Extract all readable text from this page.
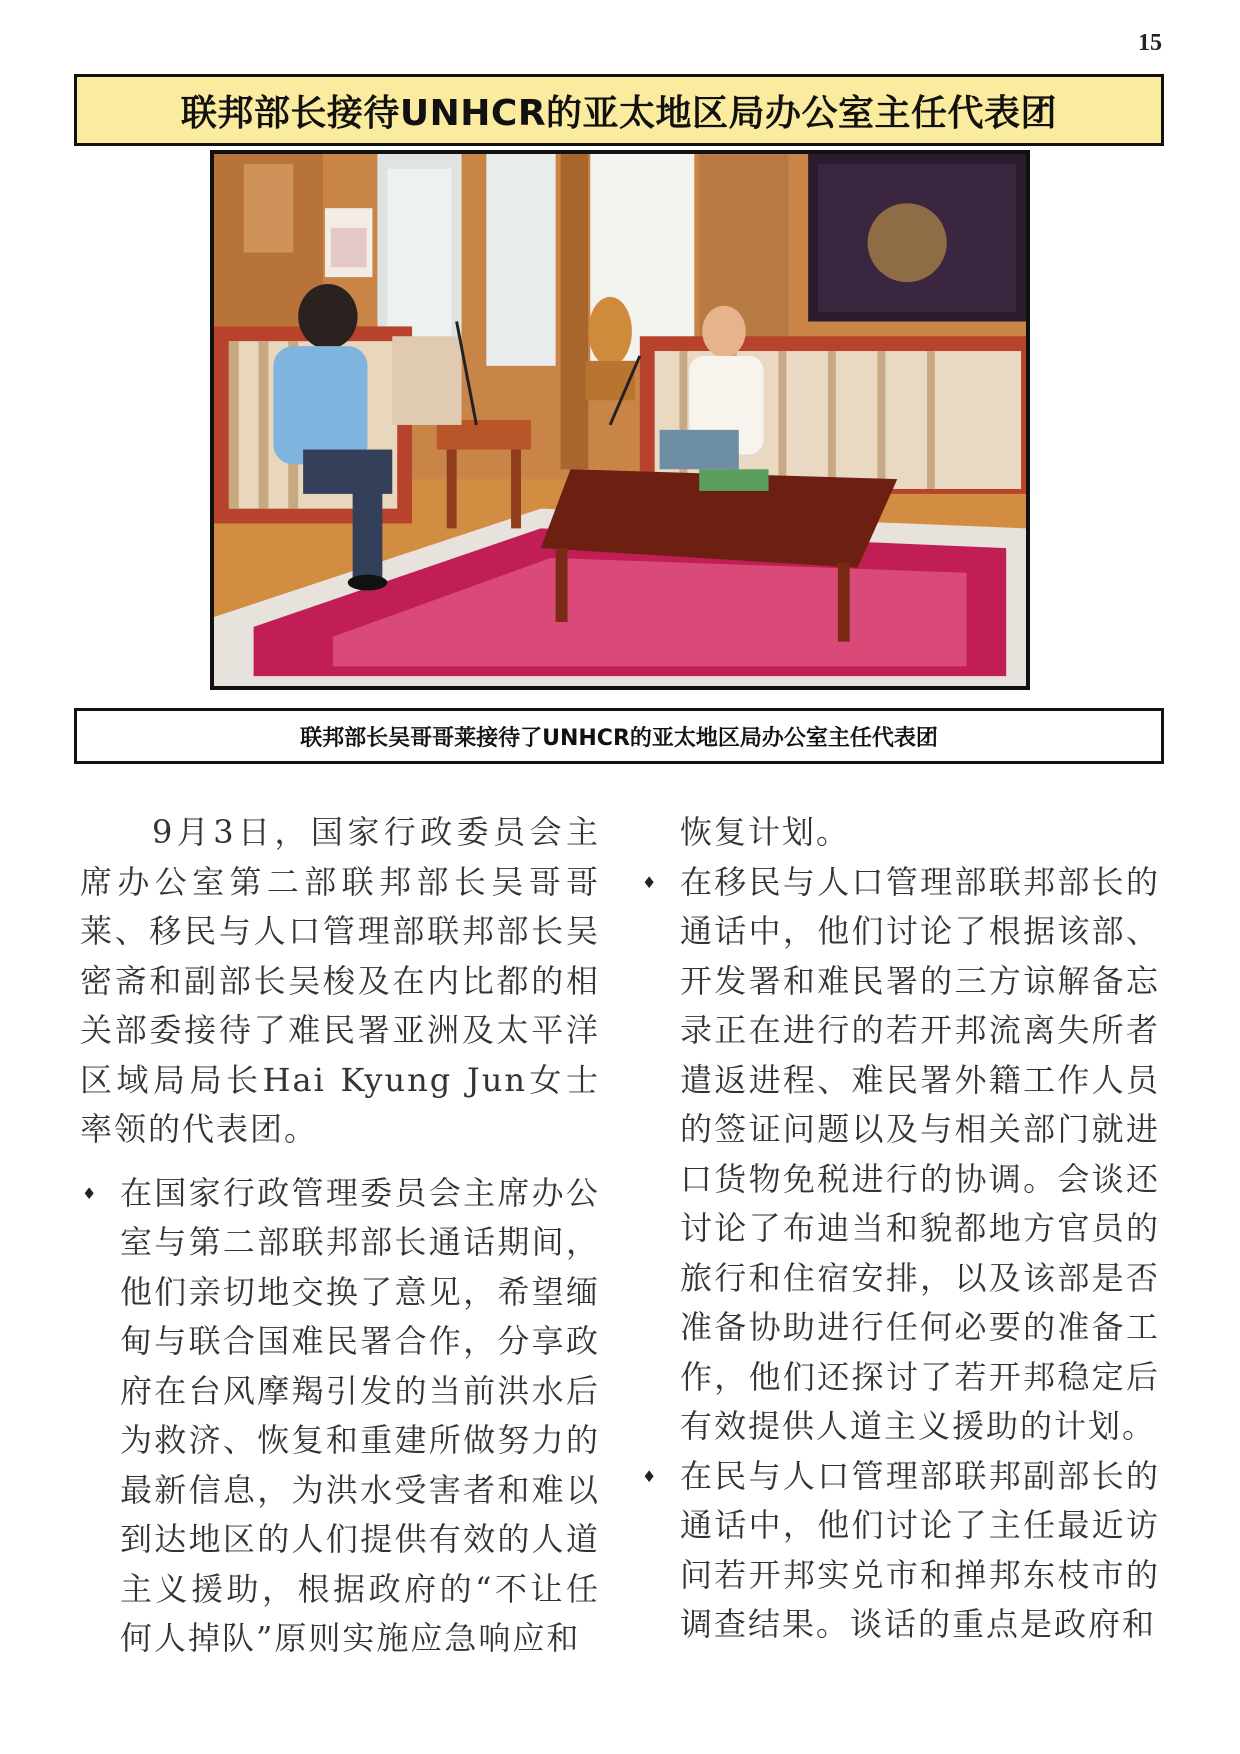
15
联邦部长接待UNHCR的亚太地区局办公室主任代表团
联邦部长吴哥哥莱接待了UNHCR的亚太地区局办公室主任代表团

9月3日，国家行政委员会主席办公室第二部联邦部长吴哥哥莱、移民与人口管理部联邦部长吴密斋和副部长吴梭及在内比都的相关部委接待了难民署亚洲及太平洋区域局局长Hai Kyung Jun女士率领的代表团。

♦ 在国家行政管理委员会主席办公室与第二部联邦部长通话期间，他们亲切地交换了意见，希望缅甸与联合国难民署合作，分享政府在台风摩羯引发的当前洪水后为救济、恢复和重建所做努力的最新信息，为洪水受害者和难以到达地区的人们提供有效的人道主义援助，根据政府的“不让任何人掉队”原则实施应急响应和

恢复计划。

♦ 在移民与人口管理部联邦部长的通话中，他们讨论了根据该部、开发署和难民署的三方谅解备忘录正在进行的若开邦流离失所者遣返进程、难民署外籍工作人员的签证问题以及与相关部门就进口货物免税进行的协调。会谈还讨论了布迪当和貌都地方官员的旅行和住宿安排，以及该部是否准备协助进行任何必要的准备工作，他们还探讨了若开邦稳定后有效提供人道主义援助的计划。

♦ 在民与人口管理部联邦副部长的通话中，他们讨论了主任最近访问若开邦实兑市和掸邦东枝市的调查结果。谈话的重点是政府和
